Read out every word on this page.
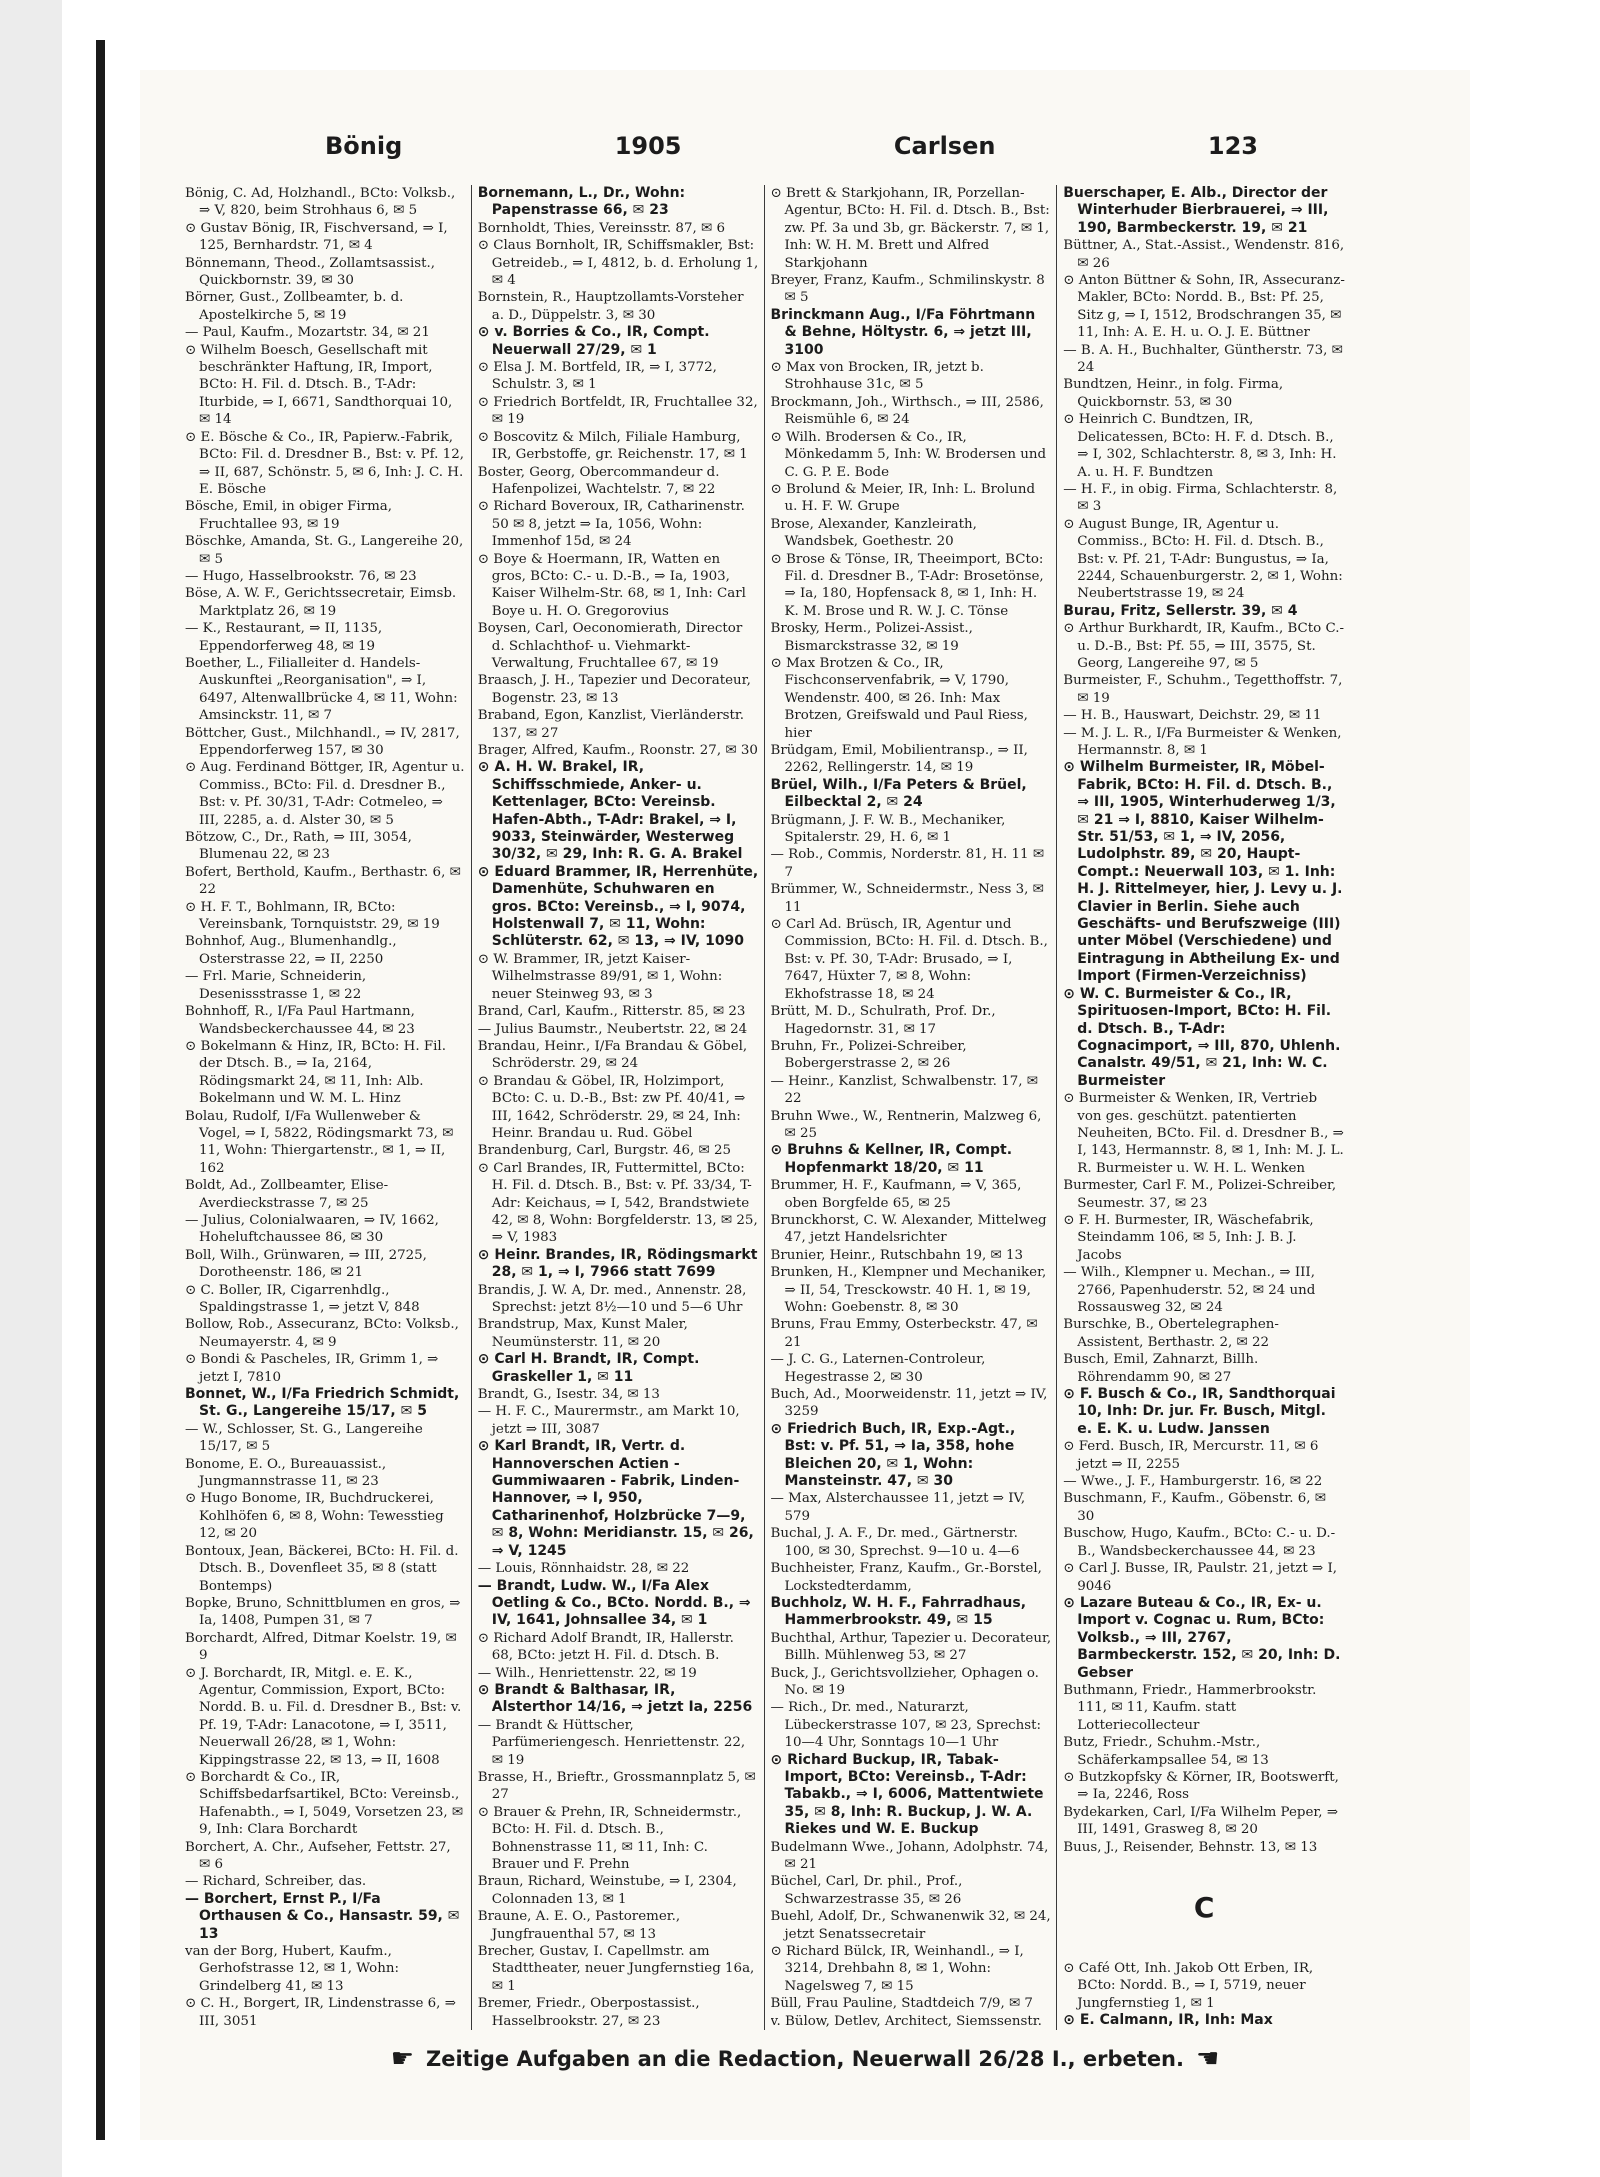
Bönig	1905	Carlsen	123

Bönig, C. Ad, Holzhandl., BCto: Volksb., ⇒ V, 820, beim Strohhaus 6, ✉ 5

⊙ Gustav Bönig, IR, Fischversand, ⇒ I, 125, Bernhardstr. 71, ✉ 4

Bönnemann, Theod., Zollamtsassist., Quickbornstr. 39, ✉ 30

Börner, Gust., Zollbeamter, b. d. Apostelkirche 5, ✉ 19

— Paul, Kaufm., Mozartstr. 34, ✉ 21

⊙ Wilhelm Boesch, Gesellschaft mit beschränkter Haftung, IR, Import, BCto: H. Fil. d. Dtsch. B., T-Adr: Iturbide, ⇒ I, 6671, Sandthorquai 10, ✉ 14

⊙ E. Bösche & Co., IR, Papierw.-Fabrik, BCto: Fil. d. Dresdner B., Bst: v. Pf. 12, ⇒ II, 687, Schönstr. 5, ✉ 6, Inh: J. C. H. E. Bösche

Bösche, Emil, in obiger Firma, Fruchtallee 93, ✉ 19

Böschke, Amanda, St. G., Langereihe 20, ✉ 5

— Hugo, Hasselbrookstr. 76, ✉ 23

Böse, A. W. F., Gerichtssecretair, Eimsb. Marktplatz 26, ✉ 19

— K., Restaurant, ⇒ II, 1135, Eppendorferweg 48, ✉ 19

Boether, L., Filialleiter d. Handels-Auskunftei „Reorganisation", ⇒ I, 6497, Altenwallbrücke 4, ✉ 11, Wohn: Amsinckstr. 11, ✉ 7

Böttcher, Gust., Milchhandl., ⇒ IV, 2817, Eppendorferweg 157, ✉ 30

⊙ Aug. Ferdinand Böttger, IR, Agentur u. Commiss., BCto: Fil. d. Dresdner B., Bst: v. Pf. 30/31, T-Adr: Cotmeleo, ⇒ III, 2285, a. d. Alster 30, ✉ 5

Bötzow, C., Dr., Rath, ⇒ III, 3054, Blumenau 22, ✉ 23

Bofert, Berthold, Kaufm., Berthastr. 6, ✉ 22

⊙ H. F. T., Bohlmann, IR, BCto: Vereinsbank, Tornquiststr. 29, ✉ 19

Bohnhof, Aug., Blumenhandlg., Osterstrasse 22, ⇒ II, 2250

— Frl. Marie, Schneiderin, Desenissstrasse 1, ✉ 22

Bohnhoff, R., I/Fa Paul Hartmann, Wandsbeckerchaussee 44, ✉ 23

⊙ Bokelmann & Hinz, IR, BCto: H. Fil. der Dtsch. B., ⇒ Ia, 2164, Rödingsmarkt 24, ✉ 11, Inh: Alb. Bokelmann und W. M. L. Hinz

Bolau, Rudolf, I/Fa Wullenweber & Vogel, ⇒ I, 5822, Rödingsmarkt 73, ✉ 11, Wohn: Thiergartenstr., ✉ 1, ⇒ II, 162

Boldt, Ad., Zollbeamter, Elise-Averdieckstrasse 7, ✉ 25

— Julius, Colonialwaaren, ⇒ IV, 1662, Hoheluftchaussee 86, ✉ 30

Boll, Wilh., Grünwaren, ⇒ III, 2725, Dorotheenstr. 186, ✉ 21

⊙ C. Boller, IR, Cigarrenhdlg., Spaldingstrasse 1, ⇒ jetzt V, 848

Bollow, Rob., Assecuranz, BCto: Volksb., Neumayerstr. 4, ✉ 9

⊙ Bondi & Pascheles, IR, Grimm 1, ⇒ jetzt I, 7810

Bonnet, W., I/Fa Friedrich Schmidt, St. G., Langereihe 15/17, ✉ 5

— W., Schlosser, St. G., Langereihe 15/17, ✉ 5

Bonome, E. O., Bureauassist., Jungmannstrasse 11, ✉ 23

⊙ Hugo Bonome, IR, Buchdruckerei, Kohlhöfen 6, ✉ 8, Wohn: Tewesstieg 12, ✉ 20

Bontoux, Jean, Bäckerei, BCto: H. Fil. d. Dtsch. B., Dovenfleet 35, ✉ 8 (statt Bontemps)

Bopke, Bruno, Schnittblumen en gros, ⇒ Ia, 1408, Pumpen 31, ✉ 7

Borchardt, Alfred, Ditmar Koelstr. 19, ✉ 9

⊙ J. Borchardt, IR, Mitgl. e. E. K., Agentur, Commission, Export, BCto: Nordd. B. u. Fil. d. Dresdner B., Bst: v. Pf. 19, T-Adr: Lanacotone, ⇒ I, 3511, Neuerwall 26/28, ✉ 1, Wohn: Kippingstrasse 22, ✉ 13, ⇒ II, 1608

⊙ Borchardt & Co., IR, Schiffsbedarfsartikel, BCto: Vereinsb., Hafenabth., ⇒ I, 5049, Vorsetzen 23, ✉ 9, Inh: Clara Borchardt

Borchert, A. Chr., Aufseher, Fettstr. 27, ✉ 6

— Richard, Schreiber, das.

— Borchert, Ernst P., I/Fa Orthausen & Co., Hansastr. 59, ✉ 13

van der Borg, Hubert, Kaufm., Gerhofstrasse 12, ✉ 1, Wohn: Grindelberg 41, ✉ 13

⊙ C. H., Borgert, IR, Lindenstrasse 6, ⇒ III, 3051

Bornemann, L., Dr., Wohn: Papenstrasse 66, ✉ 23

Bornholdt, Thies, Vereinsstr. 87, ✉ 6

⊙ Claus Bornholt, IR, Schiffsmakler, Bst: Getreideb., ⇒ I, 4812, b. d. Erholung 1, ✉ 4

Bornstein, R., Hauptzollamts-Vorsteher a. D., Düppelstr. 3, ✉ 30

⊙ v. Borries & Co., IR, Compt. Neuerwall 27/29, ✉ 1

⊙ Elsa J. M. Bortfeld, IR, ⇒ I, 3772, Schulstr. 3, ✉ 1

⊙ Friedrich Bortfeldt, IR, Fruchtallee 32, ✉ 19

⊙ Boscovitz & Milch, Filiale Hamburg, IR, Gerbstoffe, gr. Reichenstr. 17, ✉ 1

Boster, Georg, Obercommandeur d. Hafenpolizei, Wachtelstr. 7, ✉ 22

⊙ Richard Boveroux, IR, Catharinenstr. 50 ✉ 8, jetzt ⇒ Ia, 1056, Wohn: Immenhof 15d, ✉ 24

⊙ Boye & Hoermann, IR, Watten en gros, BCto: C.- u. D.-B., ⇒ Ia, 1903, Kaiser Wilhelm-Str. 68, ✉ 1, Inh: Carl Boye u. H. O. Gregorovius

Boysen, Carl, Oeconomierath, Director d. Schlachthof- u. Viehmarkt-Verwaltung, Fruchtallee 67, ✉ 19

Braasch, J. H., Tapezier und Decorateur, Bogenstr. 23, ✉ 13

Braband, Egon, Kanzlist, Vierländerstr. 137, ✉ 27

Brager, Alfred, Kaufm., Roonstr. 27, ✉ 30

⊙ A. H. W. Brakel, IR, Schiffsschmiede, Anker- u. Kettenlager, BCto: Vereinsb. Hafen-Abth., T-Adr: Brakel, ⇒ I, 9033, Steinwärder, Westerweg 30/32, ✉ 29, Inh: R. G. A. Brakel

⊙ Eduard Brammer, IR, Herrenhüte, Damenhüte, Schuhwaren en gros. BCto: Vereinsb., ⇒ I, 9074, Holstenwall 7, ✉ 11, Wohn: Schlüterstr. 62, ✉ 13, ⇒ IV, 1090

⊙ W. Brammer, IR, jetzt Kaiser-Wilhelmstrasse 89/91, ✉ 1, Wohn: neuer Steinweg 93, ✉ 3

Brand, Carl, Kaufm., Ritterstr. 85, ✉ 23

— Julius Baumstr., Neubertstr. 22, ✉ 24

Brandau, Heinr., I/Fa Brandau & Göbel, Schröderstr. 29, ✉ 24

⊙ Brandau & Göbel, IR, Holzimport, BCto: C. u. D.-B., Bst: zw Pf. 40/41, ⇒ III, 1642, Schröderstr. 29, ✉ 24, Inh: Heinr. Brandau u. Rud. Göbel

Brandenburg, Carl, Burgstr. 46, ✉ 25

⊙ Carl Brandes, IR, Futtermittel, BCto: H. Fil. d. Dtsch. B., Bst: v. Pf. 33/34, T-Adr: Keichaus, ⇒ I, 542, Brandstwiete 42, ✉ 8, Wohn: Borgfelderstr. 13, ✉ 25, ⇒ V, 1983

⊙ Heinr. Brandes, IR, Rödingsmarkt 28, ✉ 1, ⇒ I, 7966 statt 7699

Brandis, J. W. A, Dr. med., Annenstr. 28, Sprechst: jetzt 8½—10 und 5—6 Uhr

Brandstrup, Max, Kunst Maler, Neumünsterstr. 11, ✉ 20

⊙ Carl H. Brandt, IR, Compt. Graskeller 1, ✉ 11

Brandt, G., Isestr. 34, ✉ 13

— H. F. C., Maurermstr., am Markt 10, jetzt ⇒ III, 3087

⊙ Karl Brandt, IR, Vertr. d. Hannoverschen Actien - Gummiwaaren - Fabrik, Linden-Hannover, ⇒ I, 950, Catharinenhof, Holzbrücke 7—9, ✉ 8, Wohn: Meridianstr. 15, ✉ 26, ⇒ V, 1245

— Louis, Rönnhaidstr. 28, ✉ 22

— Brandt, Ludw. W., I/Fa Alex Oetling & Co., BCto. Nordd. B., ⇒ IV, 1641, Johnsallee 34, ✉ 1

⊙ Richard Adolf Brandt, IR, Hallerstr. 68, BCto: jetzt H. Fil. d. Dtsch. B.

— Wilh., Henriettenstr. 22, ✉ 19

⊙ Brandt & Balthasar, IR, Alsterthor 14/16, ⇒ jetzt Ia, 2256

— Brandt & Hüttscher, Parfümeriengesch. Henriettenstr. 22, ✉ 19

Brasse, H., Brieftr., Grossmannplatz 5, ✉ 27

⊙ Brauer & Prehn, IR, Schneidermstr., BCto: H. Fil. d. Dtsch. B., Bohnenstrasse 11, ✉ 11, Inh: C. Brauer und F. Prehn

Braun, Richard, Weinstube, ⇒ I, 2304, Colonnaden 13, ✉ 1

Braune, A. E. O., Pastoremer., Jungfrauenthal 57, ✉ 13

Brecher, Gustav, I. Capellmstr. am Stadttheater, neuer Jungfernstieg 16a, ✉ 1

Bremer, Friedr., Oberpostassist., Hasselbrookstr. 27, ✉ 23

⊙ Brett & Starkjohann, IR, Porzellan-Agentur, BCto: H. Fil. d. Dtsch. B., Bst: zw. Pf. 3a und 3b, gr. Bäckerstr. 7, ✉ 1, Inh: W. H. M. Brett und Alfred Starkjohann

Breyer, Franz, Kaufm., Schmilinskystr. 8 ✉ 5

Brinckmann Aug., I/Fa Föhrtmann & Behne, Höltystr. 6, ⇒ jetzt III, 3100

⊙ Max von Brocken, IR, jetzt b. Strohhause 31c, ✉ 5

Brockmann, Joh., Wirthsch., ⇒ III, 2586, Reismühle 6, ✉ 24

⊙ Wilh. Brodersen & Co., IR, Mönkedamm 5, Inh: W. Brodersen und C. G. P. E. Bode

⊙ Brolund & Meier, IR, Inh: L. Brolund u. H. F. W. Grupe

Brose, Alexander, Kanzleirath, Wandsbek, Goethestr. 20

⊙ Brose & Tönse, IR, Theeimport, BCto: Fil. d. Dresdner B., T-Adr: Brosetönse, ⇒ Ia, 180, Hopfensack 8, ✉ 1, Inh: H. K. M. Brose und R. W. J. C. Tönse

Brosky, Herm., Polizei-Assist., Bismarckstrasse 32, ✉ 19

⊙ Max Brotzen & Co., IR, Fischconservenfabrik, ⇒ V, 1790, Wendenstr. 400, ✉ 26. Inh: Max Brotzen, Greifswald und Paul Riess, hier

Brüdgam, Emil, Mobilientransp., ⇒ II, 2262, Rellingerstr. 14, ✉ 19

Brüel, Wilh., I/Fa Peters & Brüel, Eilbecktal 2, ✉ 24

Brügmann, J. F. W. B., Mechaniker, Spitalerstr. 29, H. 6, ✉ 1

— Rob., Commis, Norderstr. 81, H. 11 ✉ 7

Brümmer, W., Schneidermstr., Ness 3, ✉ 11

⊙ Carl Ad. Brüsch, IR, Agentur und Commission, BCto: H. Fil. d. Dtsch. B., Bst: v. Pf. 30, T-Adr: Brusado, ⇒ I, 7647, Hüxter 7, ✉ 8, Wohn: Ekhofstrasse 18, ✉ 24

Brütt, M. D., Schulrath, Prof. Dr., Hagedornstr. 31, ✉ 17

Bruhn, Fr., Polizei-Schreiber, Bobergerstrasse 2, ✉ 26

— Heinr., Kanzlist, Schwalbenstr. 17, ✉ 22

Bruhn Wwe., W., Rentnerin, Malzweg 6, ✉ 25

⊙ Bruhns & Kellner, IR, Compt. Hopfenmarkt 18/20, ✉ 11

Brummer, H. F., Kaufmann, ⇒ V, 365, oben Borgfelde 65, ✉ 25

Brunckhorst, C. W. Alexander, Mittelweg 47, jetzt Handelsrichter

Brunier, Heinr., Rutschbahn 19, ✉ 13

Brunken, H., Klempner und Mechaniker, ⇒ II, 54, Tresckowstr. 40 H. 1, ✉ 19, Wohn: Goebenstr. 8, ✉ 30

Bruns, Frau Emmy, Osterbeckstr. 47, ✉ 21

— J. C. G., Laternen-Controleur, Hegestrasse 2, ✉ 30

Buch, Ad., Moorweidenstr. 11, jetzt ⇒ IV, 3259

⊙ Friedrich Buch, IR, Exp.-Agt., Bst: v. Pf. 51, ⇒ Ia, 358, hohe Bleichen 20, ✉ 1, Wohn: Mansteinstr. 47, ✉ 30

— Max, Alsterchaussee 11, jetzt ⇒ IV, 579

Buchal, J. A. F., Dr. med., Gärtnerstr. 100, ✉ 30, Sprechst. 9—10 u. 4—6

Buchheister, Franz, Kaufm., Gr.-Borstel, Lockstedterdamm,

Buchholz, W. H. F., Fahrradhaus, Hammerbrookstr. 49, ✉ 15

Buchthal, Arthur, Tapezier u. Decorateur, Billh. Mühlenweg 53, ✉ 27

Buck, J., Gerichtsvollzieher, Ophagen o. No. ✉ 19

— Rich., Dr. med., Naturarzt, Lübeckerstrasse 107, ✉ 23, Sprechst: 10—4 Uhr, Sonntags 10—1 Uhr

⊙ Richard Buckup, IR, Tabak-Import, BCto: Vereinsb., T-Adr: Tabakb., ⇒ I, 6006, Mattentwiete 35, ✉ 8, Inh: R. Buckup, J. W. A. Riekes und W. E. Buckup

Budelmann Wwe., Johann, Adolphstr. 74, ✉ 21

Büchel, Carl, Dr. phil., Prof., Schwarzestrasse 35, ✉ 26

Buehl, Adolf, Dr., Schwanenwik 32, ✉ 24, jetzt Senatssecretair

⊙ Richard Bülck, IR, Weinhandl., ⇒ I, 3214, Drehbahn 8, ✉ 1, Wohn: Nagelsweg 7, ✉ 15

Büll, Frau Pauline, Stadtdeich 7/9, ✉ 7

v. Bülow, Detlev, Architect, Siemssenstr.

Buerschaper, E. Alb., Director der Winterhuder Bierbrauerei, ⇒ III, 190, Barmbeckerstr. 19, ✉ 21

Büttner, A., Stat.-Assist., Wendenstr. 816, ✉ 26

⊙ Anton Büttner & Sohn, IR, Assecuranz-Makler, BCto: Nordd. B., Bst: Pf. 25, Sitz g, ⇒ I, 1512, Brodschrangen 35, ✉ 11, Inh: A. E. H. u. O. J. E. Büttner

— B. A. H., Buchhalter, Güntherstr. 73, ✉ 24

Bundtzen, Heinr., in folg. Firma, Quickbornstr. 53, ✉ 30

⊙ Heinrich C. Bundtzen, IR, Delicatessen, BCto: H. F. d. Dtsch. B., ⇒ I, 302, Schlachterstr. 8, ✉ 3, Inh: H. A. u. H. F. Bundtzen

— H. F., in obig. Firma, Schlachterstr. 8, ✉ 3

⊙ August Bunge, IR, Agentur u. Commiss., BCto: H. Fil. d. Dtsch. B., Bst: v. Pf. 21, T-Adr: Bungustus, ⇒ Ia, 2244, Schauenburgerstr. 2, ✉ 1, Wohn: Neubertstrasse 19, ✉ 24

Burau, Fritz, Sellerstr. 39, ✉ 4

⊙ Arthur Burkhardt, IR, Kaufm., BCto C.- u. D.-B., Bst: Pf. 55, ⇒ III, 3575, St. Georg, Langereihe 97, ✉ 5

Burmeister, F., Schuhm., Tegetthoffstr. 7, ✉ 19

— H. B., Hauswart, Deichstr. 29, ✉ 11

— M. J. L. R., I/Fa Burmeister & Wenken, Hermannstr. 8, ✉ 1

⊙ Wilhelm Burmeister, IR, Möbel-Fabrik, BCto: H. Fil. d. Dtsch. B., ⇒ III, 1905, Winterhuderweg 1/3, ✉ 21 ⇒ I, 8810, Kaiser Wilhelm-Str. 51/53, ✉ 1, ⇒ IV, 2056, Ludolphstr. 89, ✉ 20, Haupt-Compt.: Neuerwall 103, ✉ 1. Inh: H. J. Rittelmeyer, hier, J. Levy u. J. Clavier in Berlin. Siehe auch Geschäfts- und Berufszweige (III) unter Möbel (Verschiedene) und Eintragung in Abtheilung Ex- und Import (Firmen-Verzeichniss)

⊙ W. C. Burmeister & Co., IR, Spirituosen-Import, BCto: H. Fil. d. Dtsch. B., T-Adr: Cognacimport, ⇒ III, 870, Uhlenh. Canalstr. 49/51, ✉ 21, Inh: W. C. Burmeister

⊙ Burmeister & Wenken, IR, Vertrieb von ges. geschützt. patentierten Neuheiten, BCto. Fil. d. Dresdner B., ⇒ I, 143, Hermannstr. 8, ✉ 1, Inh: M. J. L. R. Burmeister u. W. H. L. Wenken

Burmester, Carl F. M., Polizei-Schreiber, Seumestr. 37, ✉ 23

⊙ F. H. Burmester, IR, Wäschefabrik, Steindamm 106, ✉ 5, Inh: J. B. J. Jacobs

— Wilh., Klempner u. Mechan., ⇒ III, 2766, Papenhuderstr. 52, ✉ 24 und Rossausweg 32, ✉ 24

Burschke, B., Obertelegraphen-Assistent, Berthastr. 2, ✉ 22

Busch, Emil, Zahnarzt, Billh. Röhrendamm 90, ✉ 27

⊙ F. Busch & Co., IR, Sandthorquai 10, Inh: Dr. jur. Fr. Busch, Mitgl. e. E. K. u. Ludw. Janssen

⊙ Ferd. Busch, IR, Mercurstr. 11, ✉ 6 jetzt ⇒ II, 2255

— Wwe., J. F., Hamburgerstr. 16, ✉ 22

Buschmann, F., Kaufm., Göbenstr. 6, ✉ 30

Buschow, Hugo, Kaufm., BCto: C.- u. D.-B., Wandsbeckerchaussee 44, ✉ 23

⊙ Carl J. Busse, IR, Paulstr. 21, jetzt ⇒ I, 9046

⊙ Lazare Buteau & Co., IR, Ex- u. Import v. Cognac u. Rum, BCto: Volksb., ⇒ III, 2767, Barmbeckerstr. 152, ✉ 20, Inh: D. Gebser

Buthmann, Friedr., Hammerbrookstr. 111, ✉ 11, Kaufm. statt Lotteriecollecteur

Butz, Friedr., Schuhm.-Mstr., Schäferkampsallee 54, ✉ 13

⊙ Butzkopfsky & Körner, IR, Bootswerft, ⇒ Ia, 2246, Ross

Bydekarken, Carl, I/Fa Wilhelm Peper, ⇒ III, 1491, Grasweg 8, ✉ 20

Buus, J., Reisender, Behnstr. 13, ✉ 13

C

⊙ Café Ott, Inh. Jakob Ott Erben, IR, BCto: Nordd. B., ⇒ I, 5719, neuer Jungfernstieg 1, ✉ 1

⊙ E. Calmann, IR, Inh: Max

☛ Zeitige Aufgaben an die Redaction, Neuerwall 26/28 I., erbeten. ☚
